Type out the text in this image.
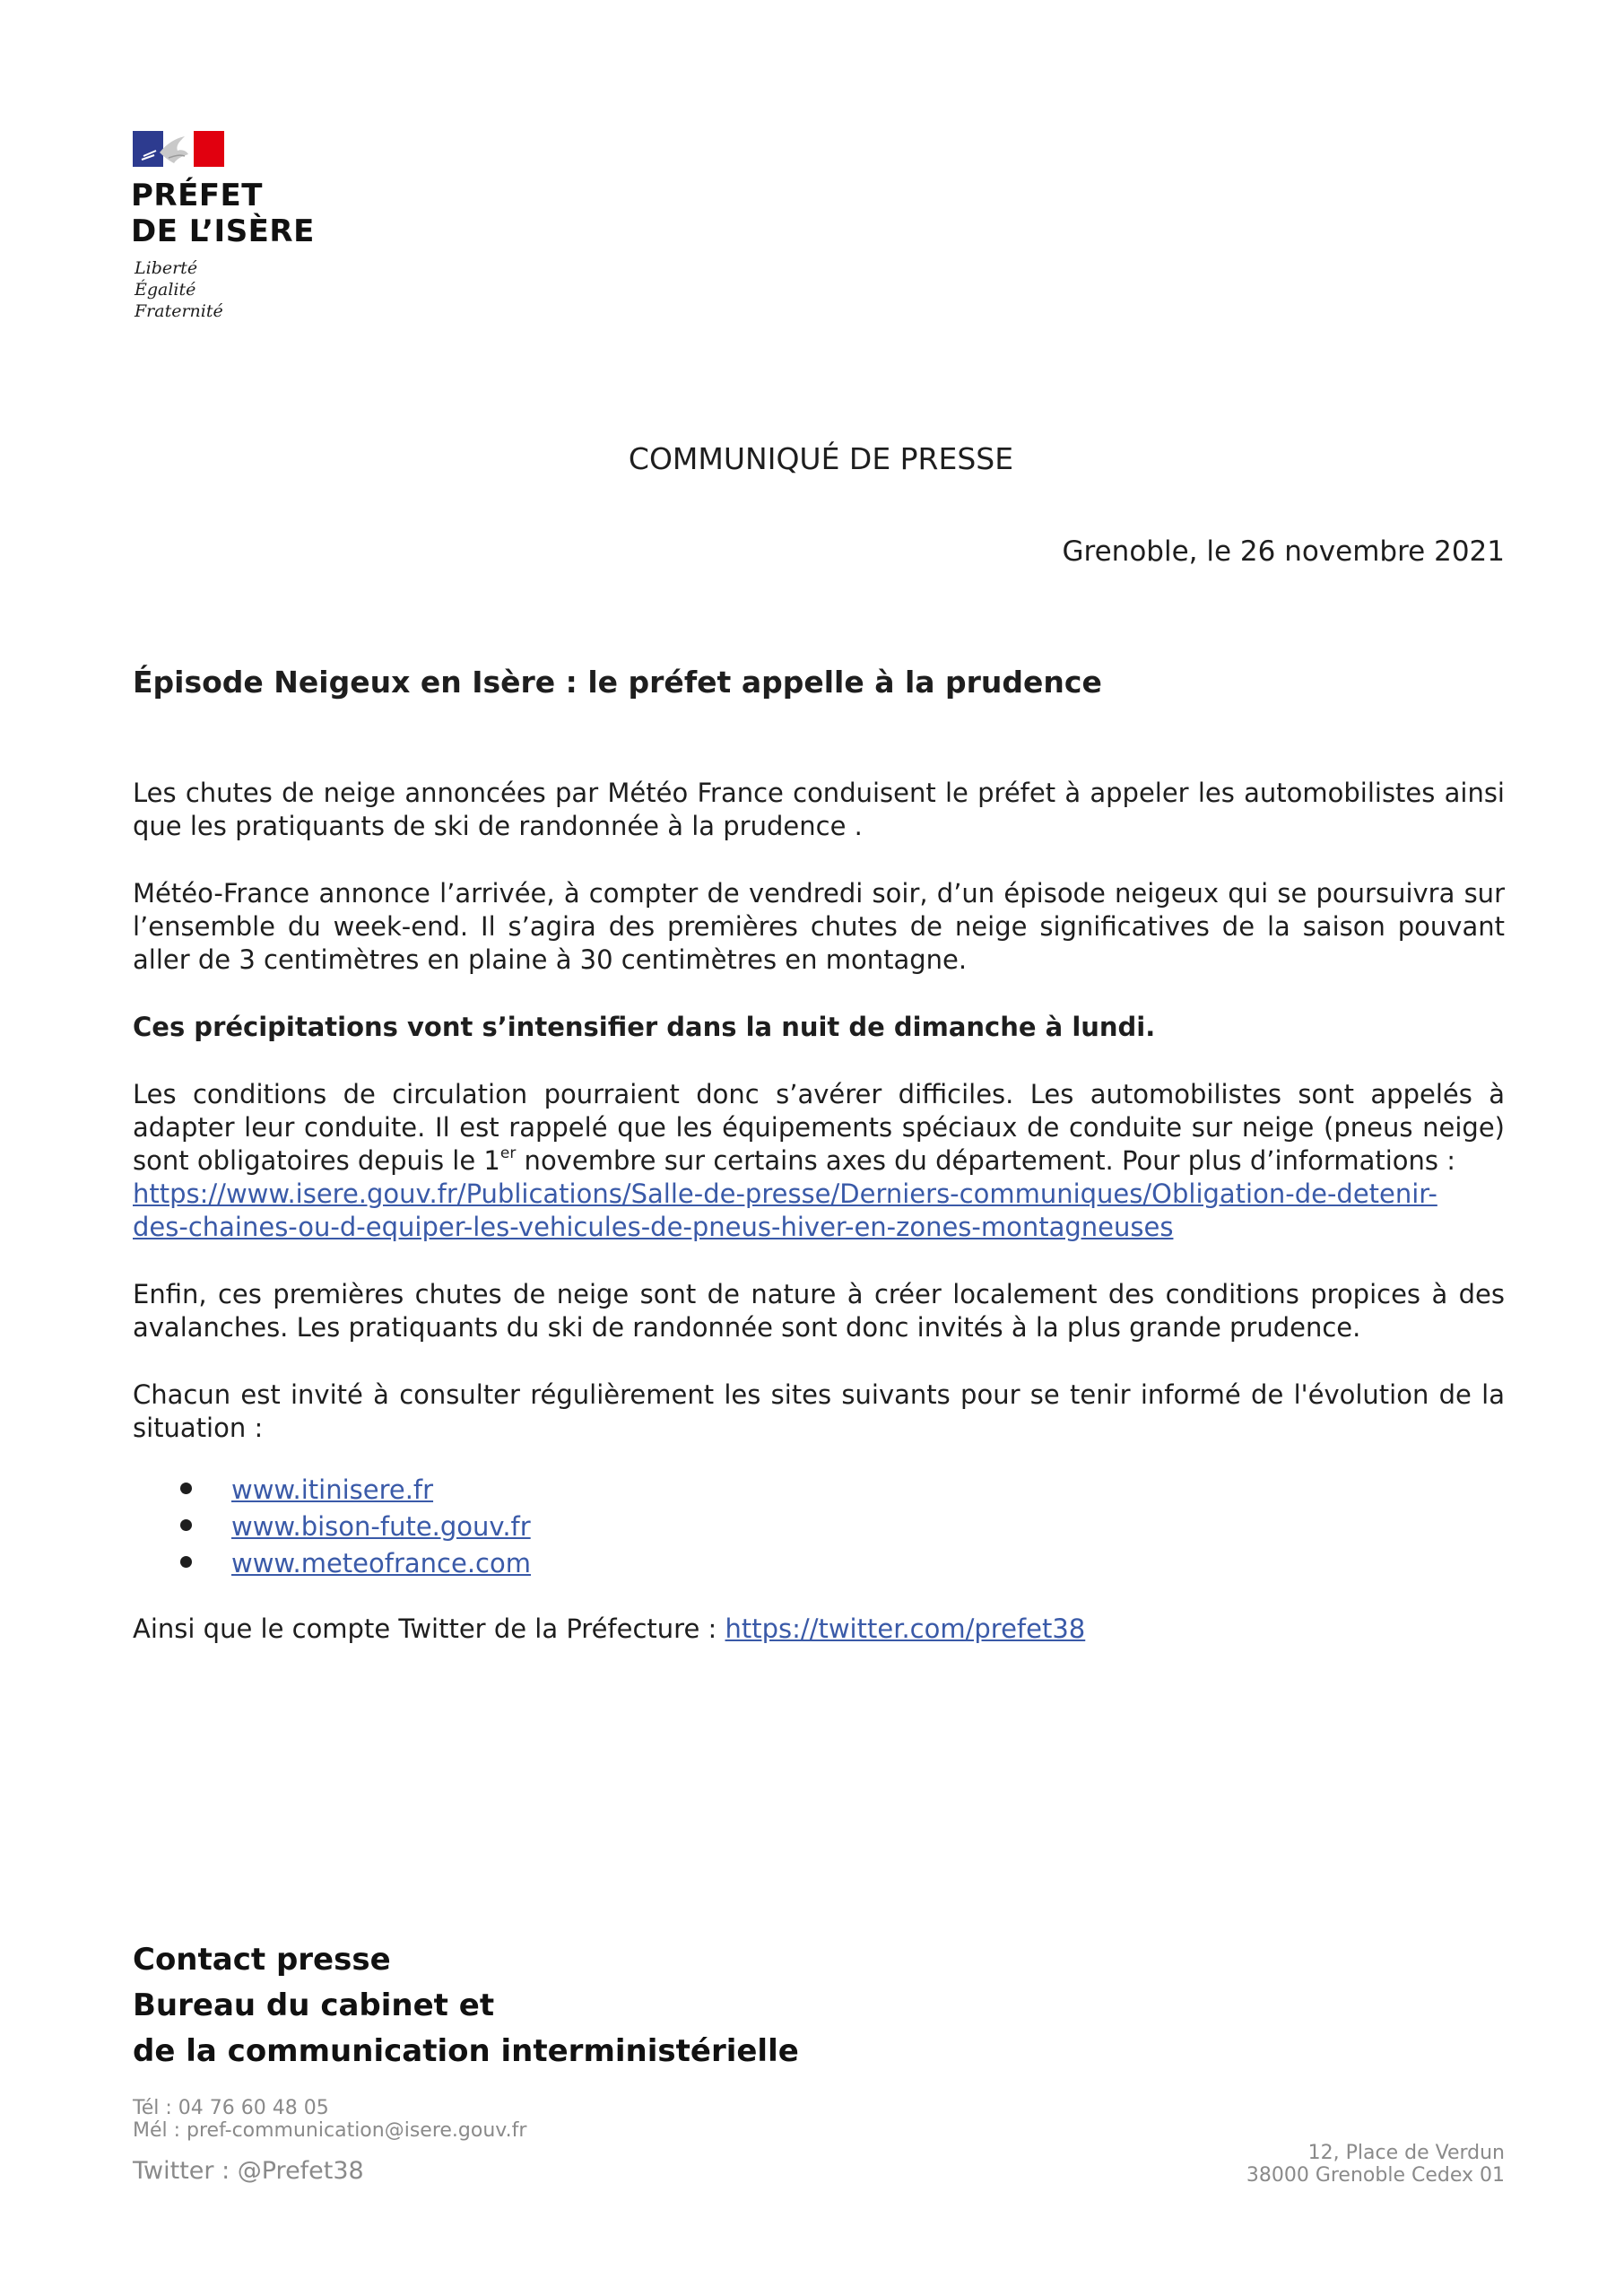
PRÉFET
DE L’ISÈRE
Liberté
Égalité
Fraternité
COMMUNIQUÉ DE PRESSE
Grenoble, le 26 novembre 2021
Épisode Neigeux en Isère : le préfet appelle à la prudence

Les chutes de neige annoncées par Météo France conduisent le préfet à appeler les automobilistes ainsi que les pratiquants de ski de randonnée à la prudence .

Météo-France annonce l’arrivée, à compter de vendredi soir, d’un épisode neigeux qui se poursuivra sur l’ensemble du week-end. Il s’agira des premières chutes de neige significatives de la saison pouvant aller de 3 centimètres en plaine à 30 centimètres en montagne.

Ces précipitations vont s’intensifier dans la nuit de dimanche à lundi.

Les conditions de circulation pourraient donc s’avérer difficiles. Les automobilistes sont appelés à adapter leur conduite. Il est rappelé que les équipements spéciaux de conduite sur neige (pneus neige) sont obligatoires depuis le 1er novembre sur certains axes du département. Pour plus d’informations :
https://www.isere.gouv.fr/Publications/Salle-de-presse/Derniers-communiques/Obligation-de-detenir-
des-chaines-ou-d-equiper-les-vehicules-de-pneus-hiver-en-zones-montagneuses

Enfin, ces premières chutes de neige sont de nature à créer localement des conditions propices à des avalanches. Les pratiquants du ski de randonnée sont donc invités à la plus grande prudence.

Chacun est invité à consulter régulièrement les sites suivants pour se tenir informé de l'évolution de la situation :

www.itinisere.fr
www.bison-fute.gouv.fr
www.meteofrance.com

Ainsi que le compte Twitter de la Préfecture : https://twitter.com/prefet38

Contact presse
Bureau du cabinet et
de la communication interministérielle
Tél : 04 76 60 48 05
Mél : pref-communication@isere.gouv.fr
Twitter : @Prefet38
12, Place de Verdun
38000 Grenoble Cedex 01
